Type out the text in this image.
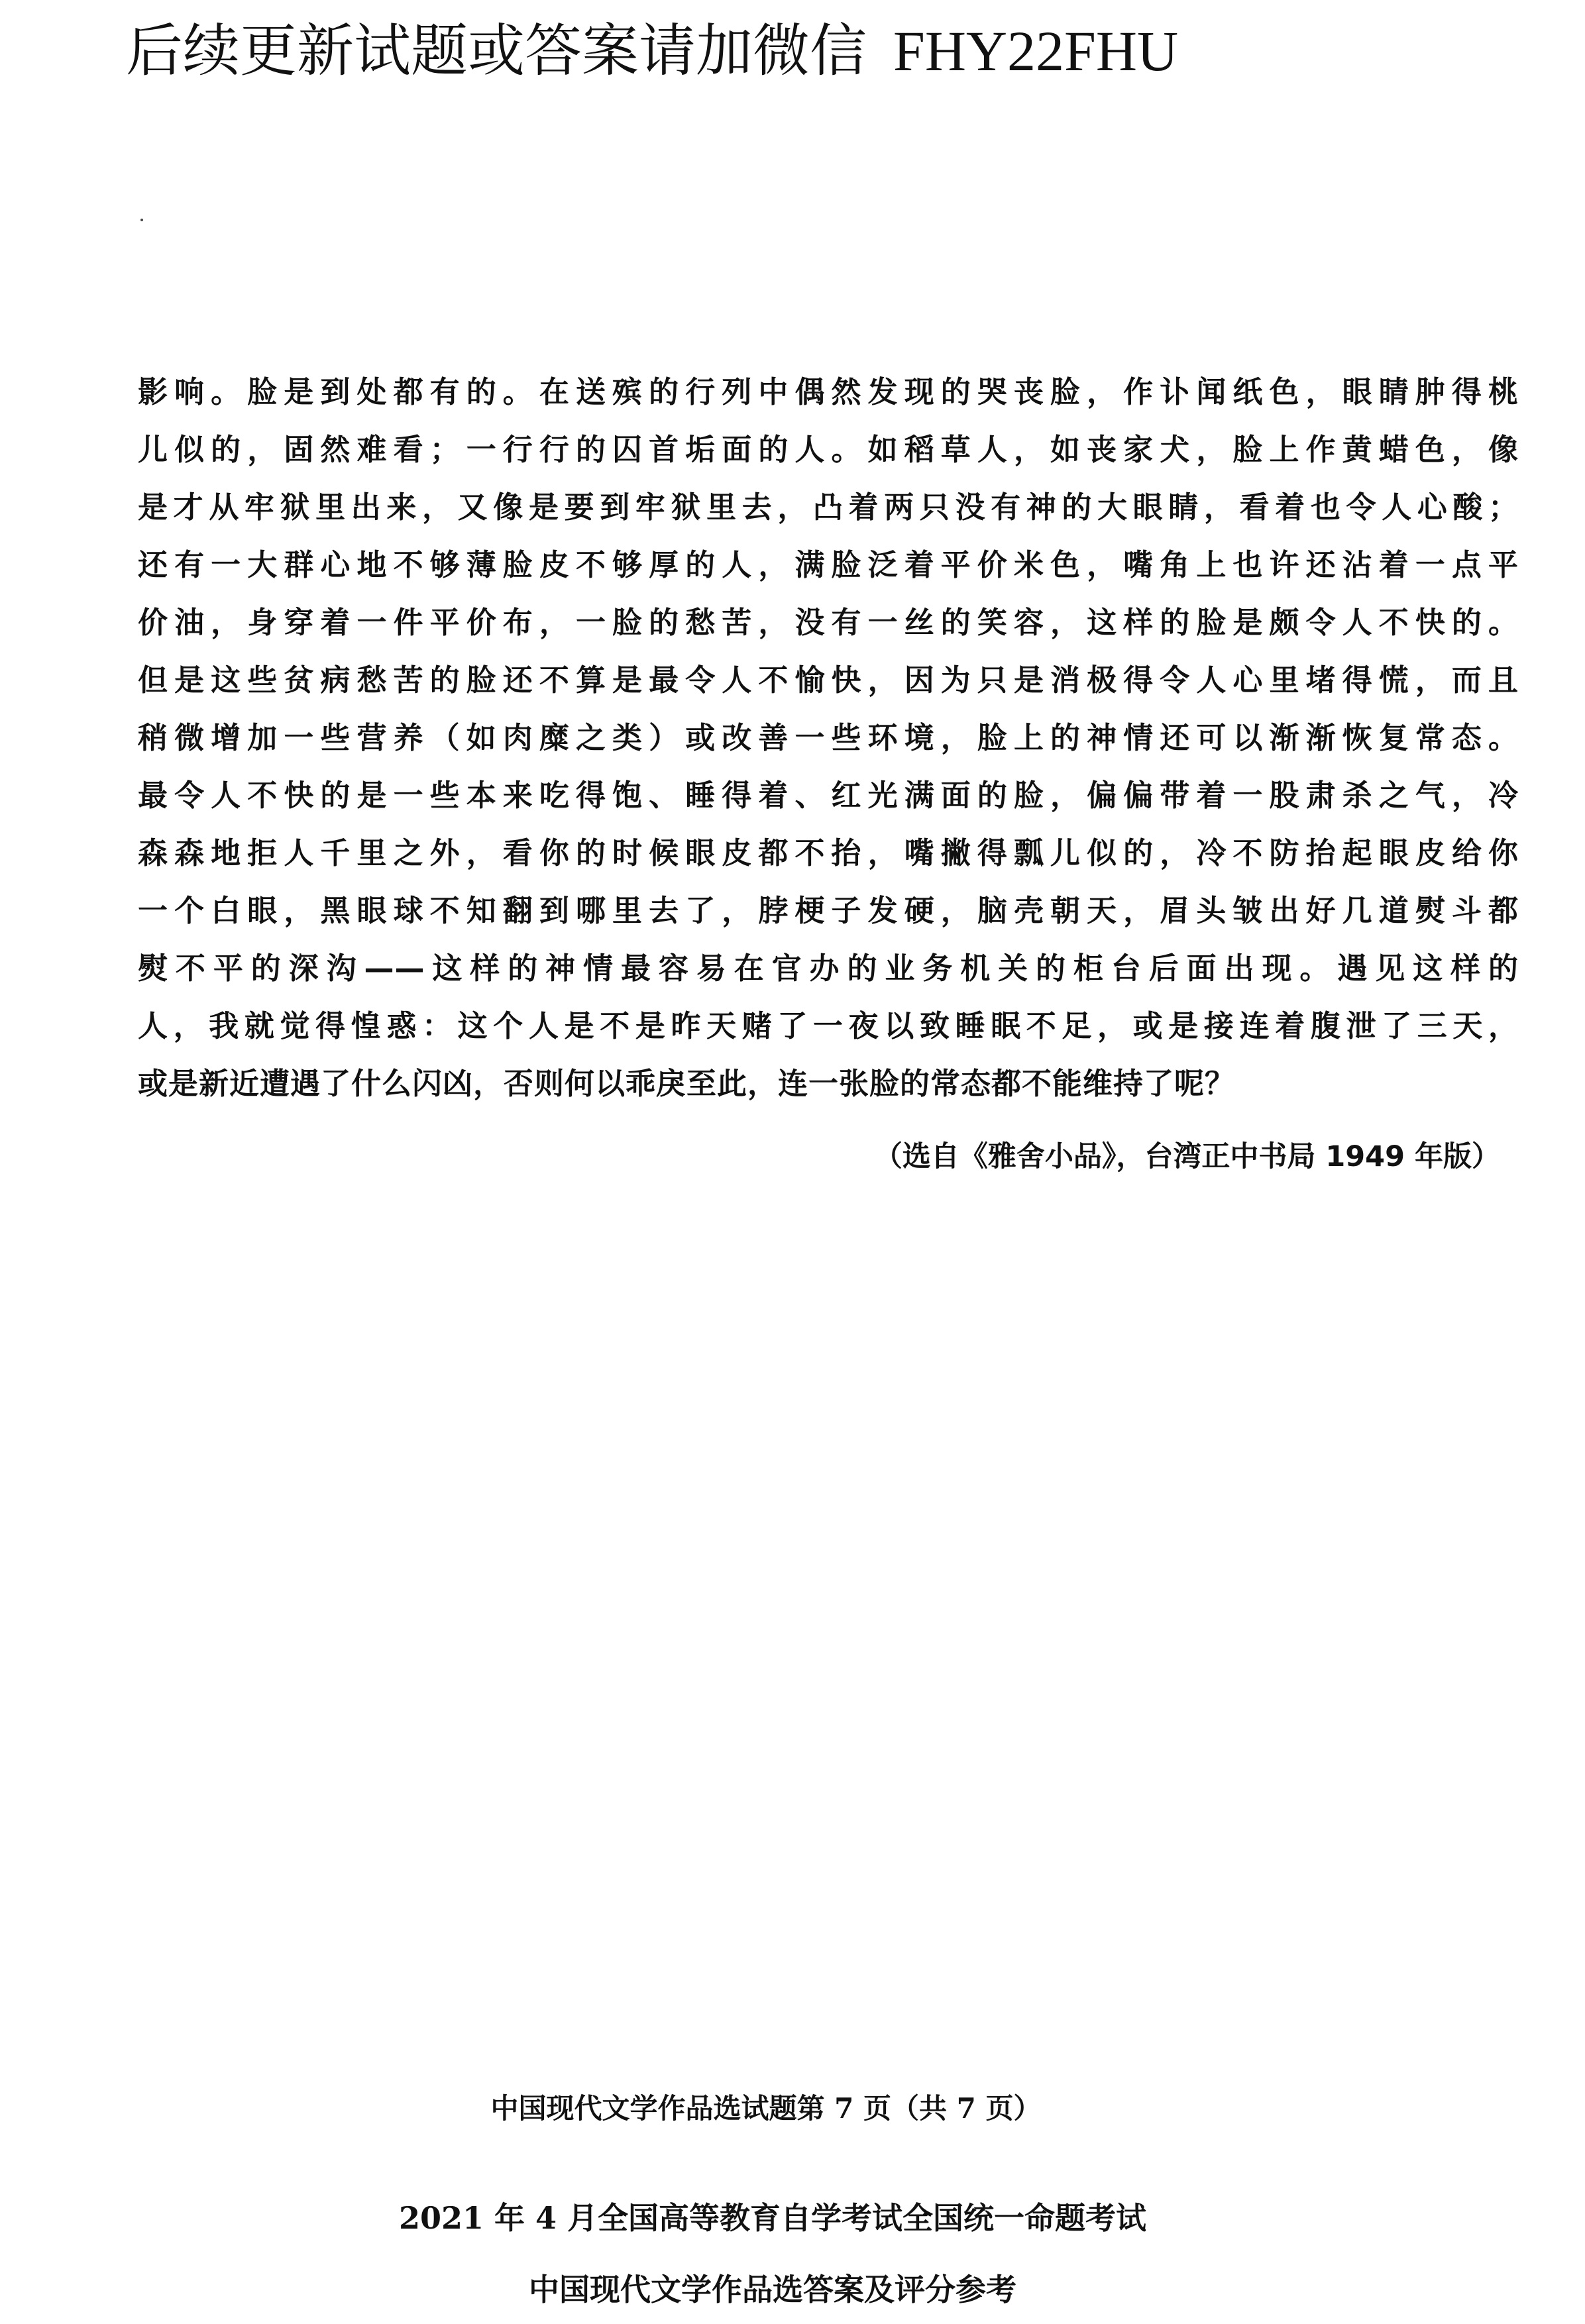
后续更新试题或答案请加微信 FHY22FHU
影响。脸是到处都有的。在送殡的行列中偶然发现的哭丧脸，作讣闻纸色，眼睛肿得桃
儿似的，固然难看；一行行的囚首垢面的人。如稻草人，如丧家犬，脸上作黄蜡色，像
是才从牢狱里出来，又像是要到牢狱里去，凸着两只没有神的大眼睛，看着也令人心酸；
还有一大群心地不够薄脸皮不够厚的人，满脸泛着平价米色，嘴角上也许还沾着一点平
价油，身穿着一件平价布，一脸的愁苦，没有一丝的笑容，这样的脸是颇令人不快的。
但是这些贫病愁苦的脸还不算是最令人不愉快，因为只是消极得令人心里堵得慌，而且
稍微增加一些营养（如肉糜之类）或改善一些环境，脸上的神情还可以渐渐恢复常态。
最令人不快的是一些本来吃得饱、睡得着、红光满面的脸，偏偏带着一股肃杀之气，冷
森森地拒人千里之外，看你的时候眼皮都不抬，嘴撇得瓢儿似的，冷不防抬起眼皮给你
一个白眼，黑眼球不知翻到哪里去了，脖梗子发硬，脑壳朝天，眉头皱出好几道熨斗都
熨不平的深沟——这样的神情最容易在官办的业务机关的柜台后面出现。遇见这样的
人，我就觉得惶惑：这个人是不是昨天赌了一夜以致睡眠不足，或是接连着腹泄了三天，
或是新近遭遇了什么闪凶，否则何以乖戾至此，连一张脸的常态都不能维持了呢？
（选自《雅舍小品》，台湾正中书局 1949 年版）
中国现代文学作品选试题第 7 页（共 7 页）
2021 年 4 月全国高等教育自学考试全国统一命题考试
中国现代文学作品选答案及评分参考
